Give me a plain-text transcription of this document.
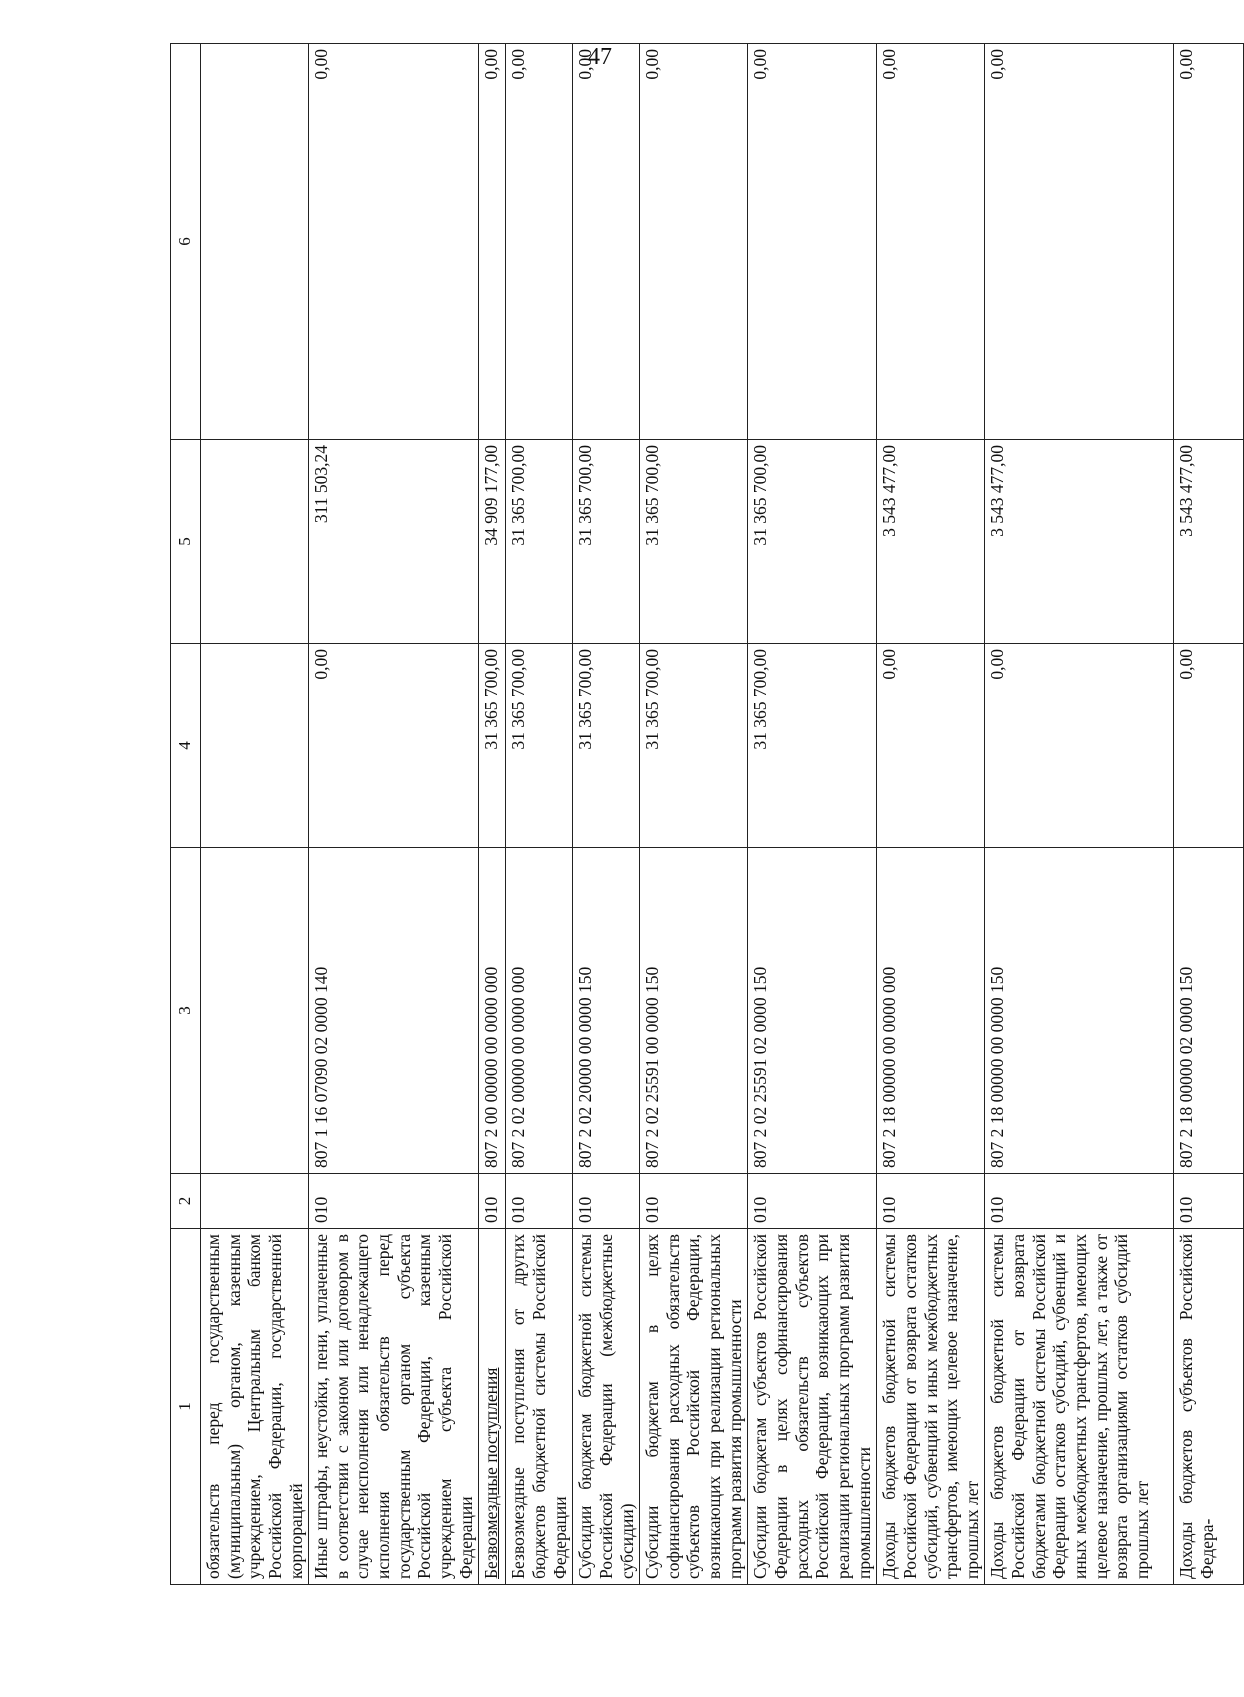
47
1	2	3	4	5	6
обязательств перед государственным (муниципальным) органом, казенным учреждением, Центральным банком Российской Федерации, государственной корпорацией					
Иные штрафы, неустойки, пени, уплаченные в соответствии с законом или договором в случае неисполнения или ненадлежащего исполнения обязательств перед государственным органом субъекта Российской Федерации, казенным учреждением субъекта Российской Федерации	010	807 1 16 07090 02 0000 140	0,00	311 503,24	0,00
Безвозмездные поступления	010	807 2 00 00000 00 0000 000	31 365 700,00	34 909 177,00	0,00
Безвозмездные поступления от других бюджетов бюджетной системы Российской Федерации	010	807 2 02 00000 00 0000 000	31 365 700,00	31 365 700,00	0,00
Субсидии бюджетам бюджетной системы Российской Федерации (межбюджетные субсидии)	010	807 2 02 20000 00 0000 150	31 365 700,00	31 365 700,00	0,00
Субсидии бюджетам в целях софинансирования расходных обязательств субъектов Российской Федерации, возникающих при реализации региональных программ развития промышленности	010	807 2 02 25591 00 0000 150	31 365 700,00	31 365 700,00	0,00
Субсидии бюджетам субъектов Российской Федерации в целях софинансирования расходных обязательств субъектов Российской Федерации, возникающих при реализации региональных программ развития промышленности	010	807 2 02 25591 02 0000 150	31 365 700,00	31 365 700,00	0,00
Доходы бюджетов бюджетной системы Российской Федерации от возврата остатков субсидий, субвенций и иных межбюджетных трансфертов, имеющих целевое назначение, прошлых лет	010	807 2 18 00000 00 0000 000	0,00	3 543 477,00	0,00
Доходы бюджетов бюджетной системы Российской Федерации от возврата бюджетами бюджетной системы Российской Федерации остатков субсидий, субвенций и иных межбюджетных трансфертов, имеющих целевое назначение, прошлых лет, а также от возврата организациями остатков субсидий прошлых лет	010	807 2 18 00000 00 0000 150	0,00	3 543 477,00	0,00
Доходы бюджетов субъектов Российской Федера-	010	807 2 18 00000 02 0000 150	0,00	3 543 477,00	0,00
